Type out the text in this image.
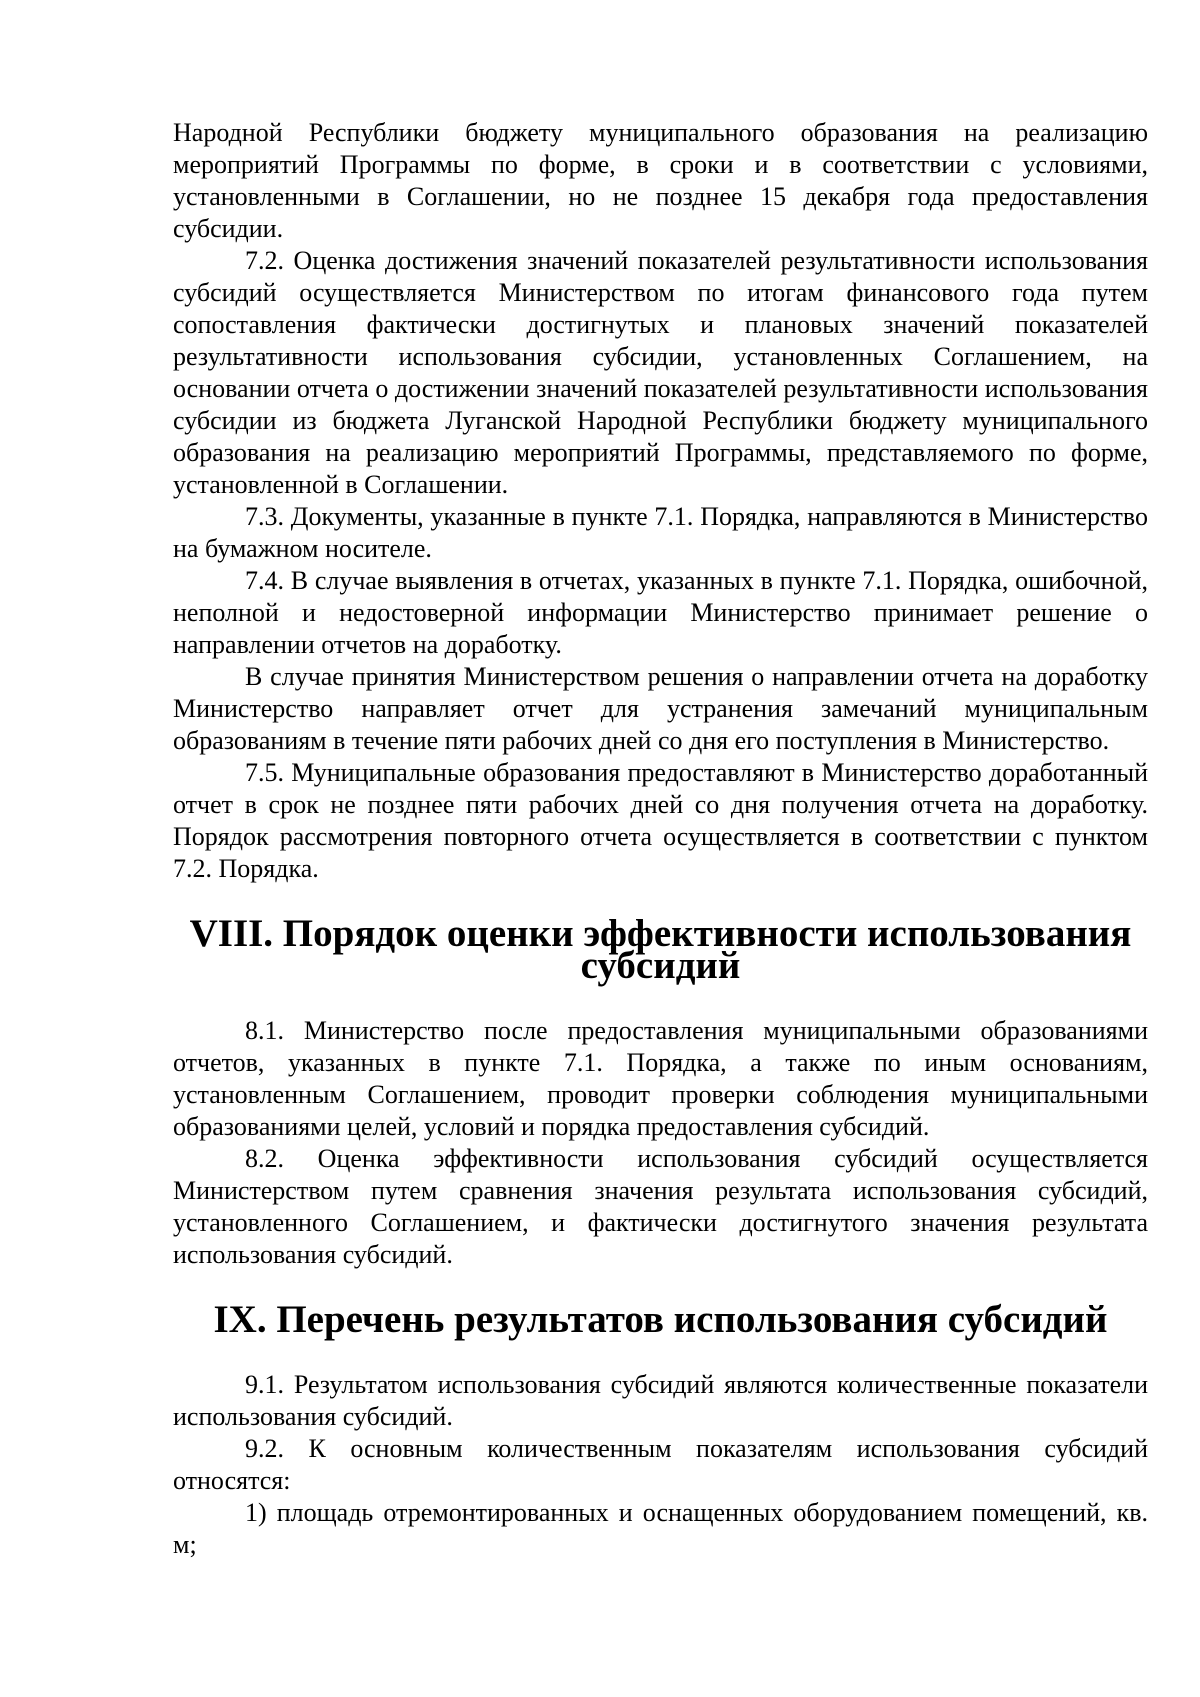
Народной Республики бюджету муниципального образования на реализацию мероприятий Программы по форме, в сроки и в соответствии с условиями, установленными в Соглашении, но не позднее 15 декабря года предоставления субсидии.

7.2. Оценка достижения значений показателей результативности использования субсидий осуществляется Министерством по итогам финансового года путем сопоставления фактически достигнутых и плановых значений показателей результативности использования субсидии, установленных Соглашением, на основании отчета о достижении значений показателей результативности использования субсидии из бюджета Луганской Народной Республики бюджету муниципального образования на реализацию мероприятий Программы, представляемого по форме, установленной в Соглашении.

7.3. Документы, указанные в пункте 7.1. Порядка, направляются в Министерство на бумажном носителе.

7.4. В случае выявления в отчетах, указанных в пункте 7.1. Порядка, ошибочной, неполной и недостоверной информации Министерство принимает решение о направлении отчетов на доработку.

В случае принятия Министерством решения о направлении отчета на доработку Министерство направляет отчет для устранения замечаний муниципальным образованиям в течение пяти рабочих дней со дня его поступления в Министерство.

7.5. Муниципальные образования предоставляют в Министерство доработанный отчет в срок не позднее пяти рабочих дней со дня получения отчета на доработку. Порядок рассмотрения повторного отчета осуществляется в соответствии с пунктом 7.2. Порядка.

VIII. Порядок оценки эффективности использования субсидий

8.1. Министерство после предоставления муниципальными образованиями отчетов, указанных в пункте 7.1. Порядка, а также по иным основаниям, установленным Соглашением, проводит проверки соблюдения муниципальными образованиями целей, условий и порядка предоставления субсидий.

8.2. Оценка эффективности использования субсидий осуществляется Министерством путем сравнения значения результата использования субсидий, установленного Соглашением, и фактически достигнутого значения результата использования субсидий.

IX. Перечень результатов использования субсидий

9.1. Результатом использования субсидий являются количественные показатели использования субсидий.

9.2. К основным количественным показателям использования субсидий относятся:

1) площадь отремонтированных и оснащенных оборудованием помещений, кв. м;
